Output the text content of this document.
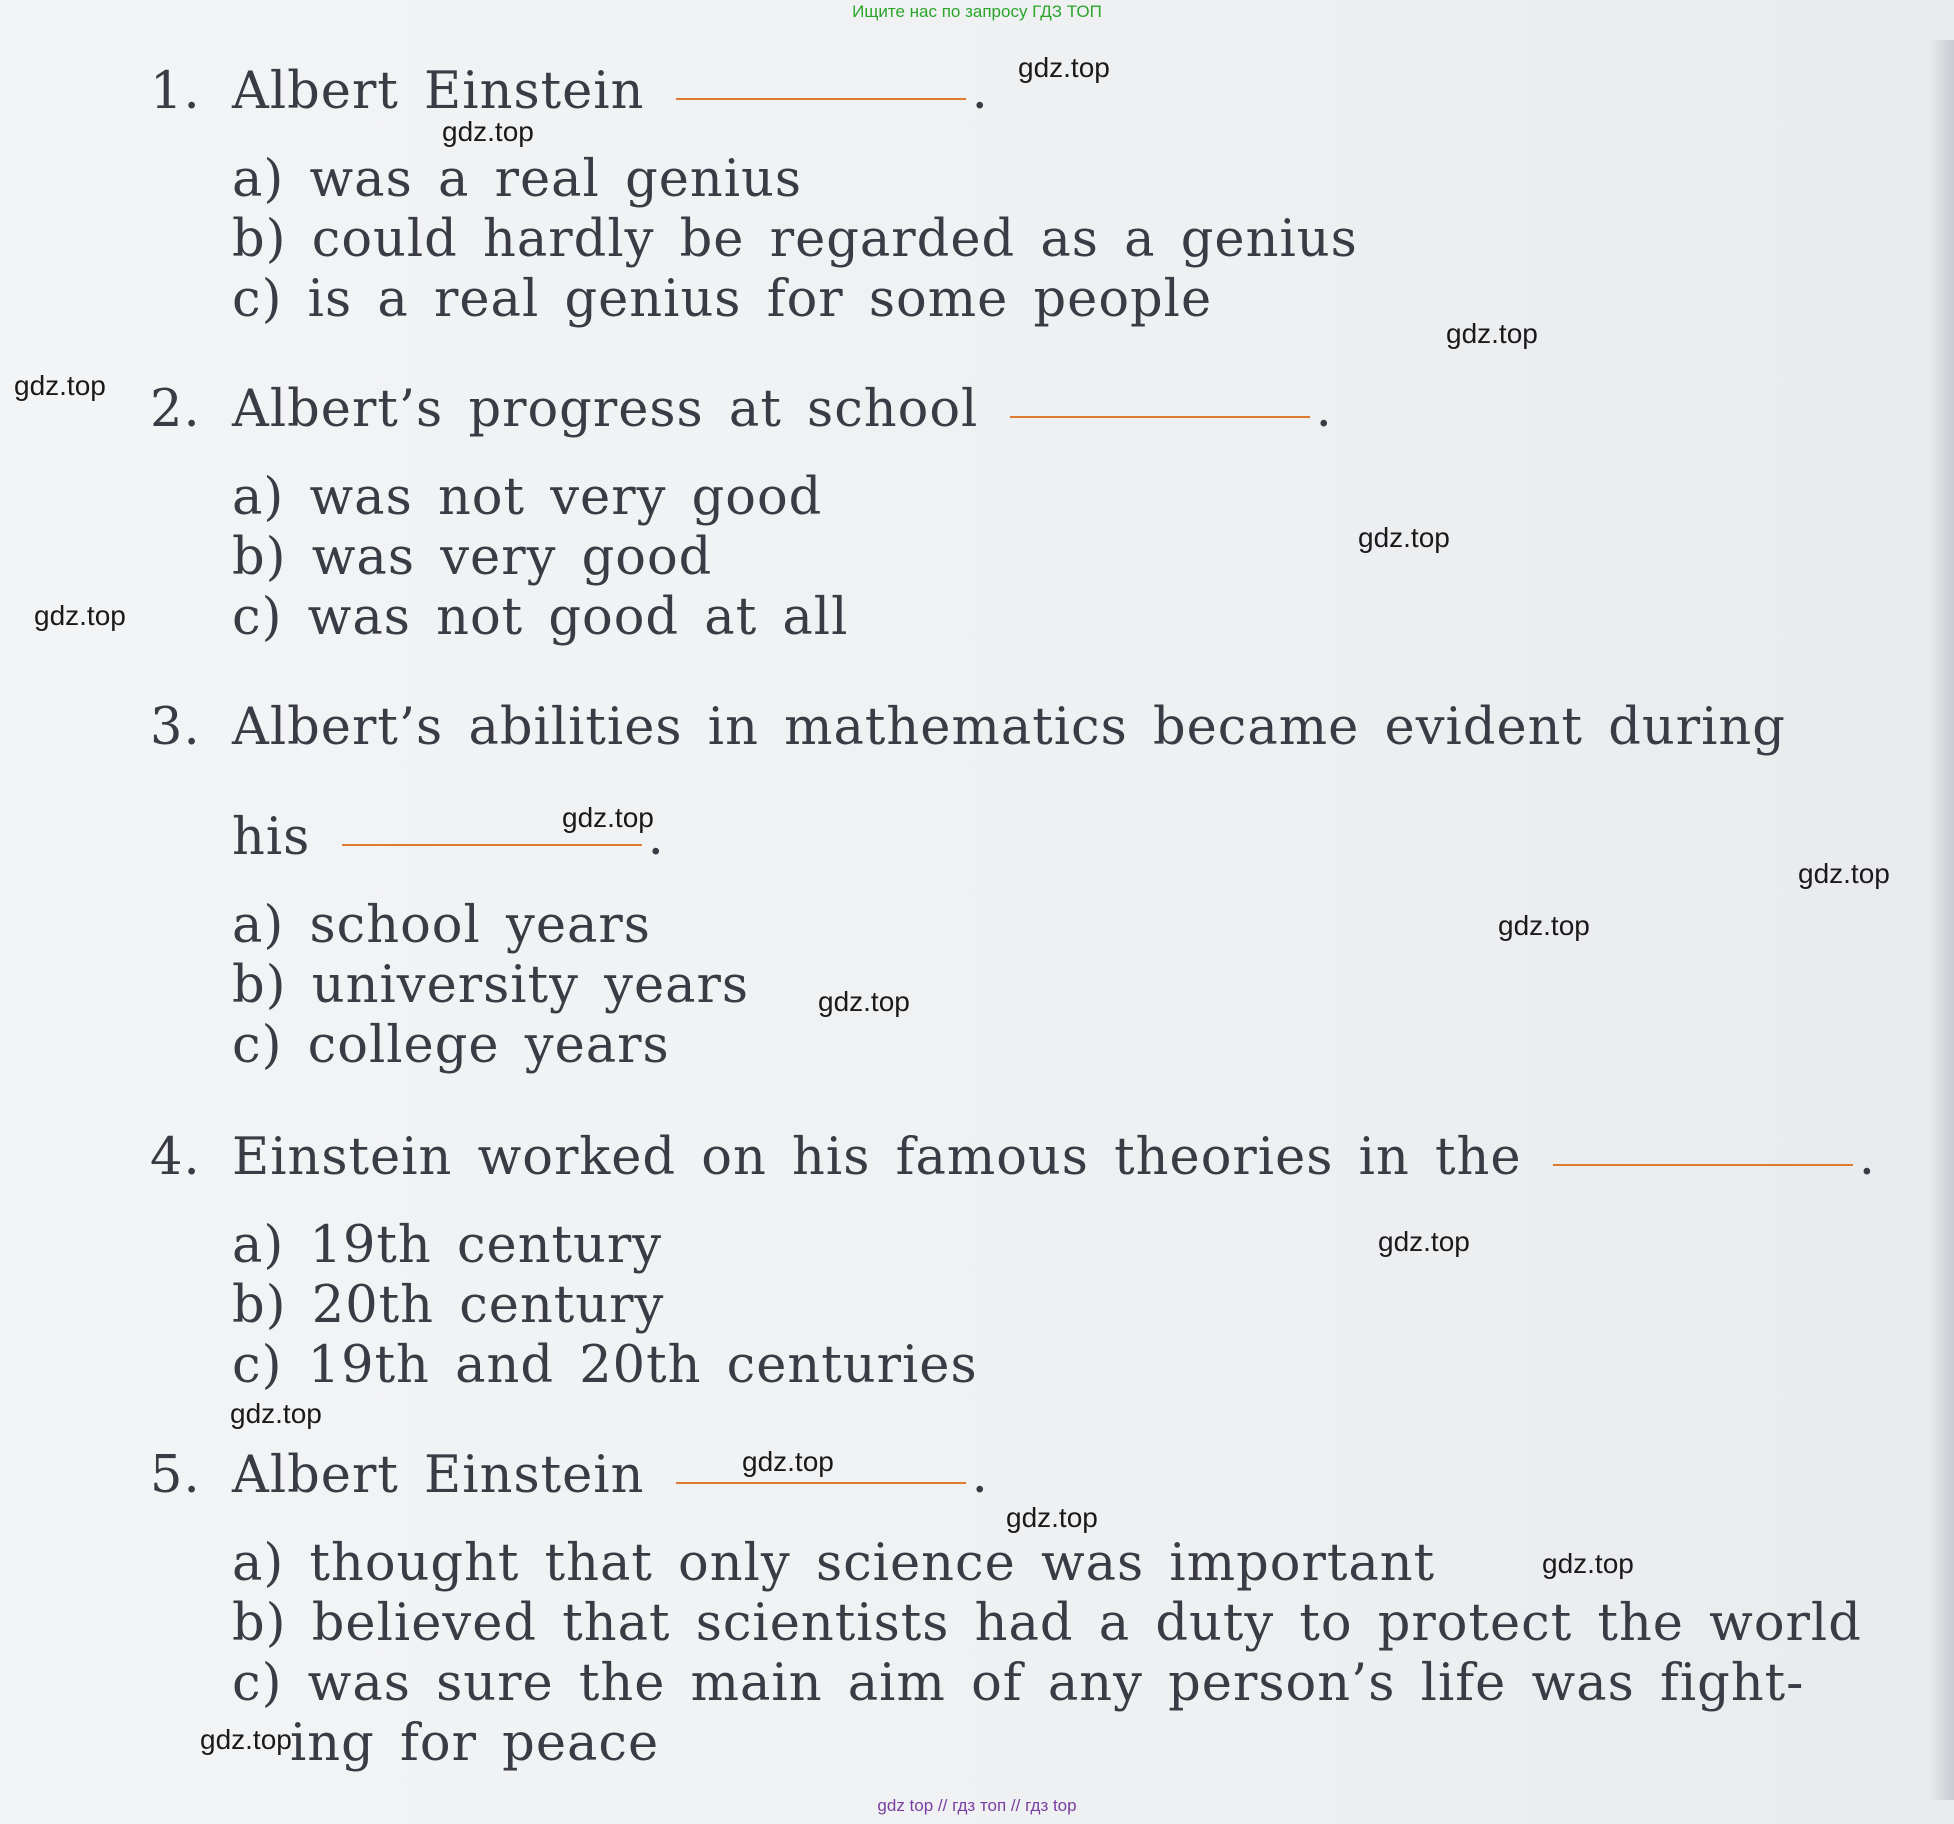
Ищите нас по запросу ГДЗ ТОП
1. Albert Einstein	.
a) was a real genius
b) could hardly be regarded as a genius
c) is a real genius for some people
2. Albert’s progress at school	.
a) was not very good
b) was very good
c) was not good at all
3. Albert’s abilities in mathematics became evident during
his	.
a) school years
b) university years
c) college years
4. Einstein worked on his famous theories in the	.
a) 19th century
b) 20th century
c) 19th and 20th centuries
5. Albert Einstein	.
a) thought that only science was important
b) believed that scientists had a duty to protect the world
c) was sure the main aim of any person’s life was fight-
ing for peace
gdz.top
gdz.top
gdz.top
gdz.top
gdz.top
gdz.top
gdz.top
gdz.top
gdz.top
gdz.top
gdz.top
gdz.top
gdz.top
gdz.top
gdz.top
gdz.top
gdz top // гдз топ // гдз top
